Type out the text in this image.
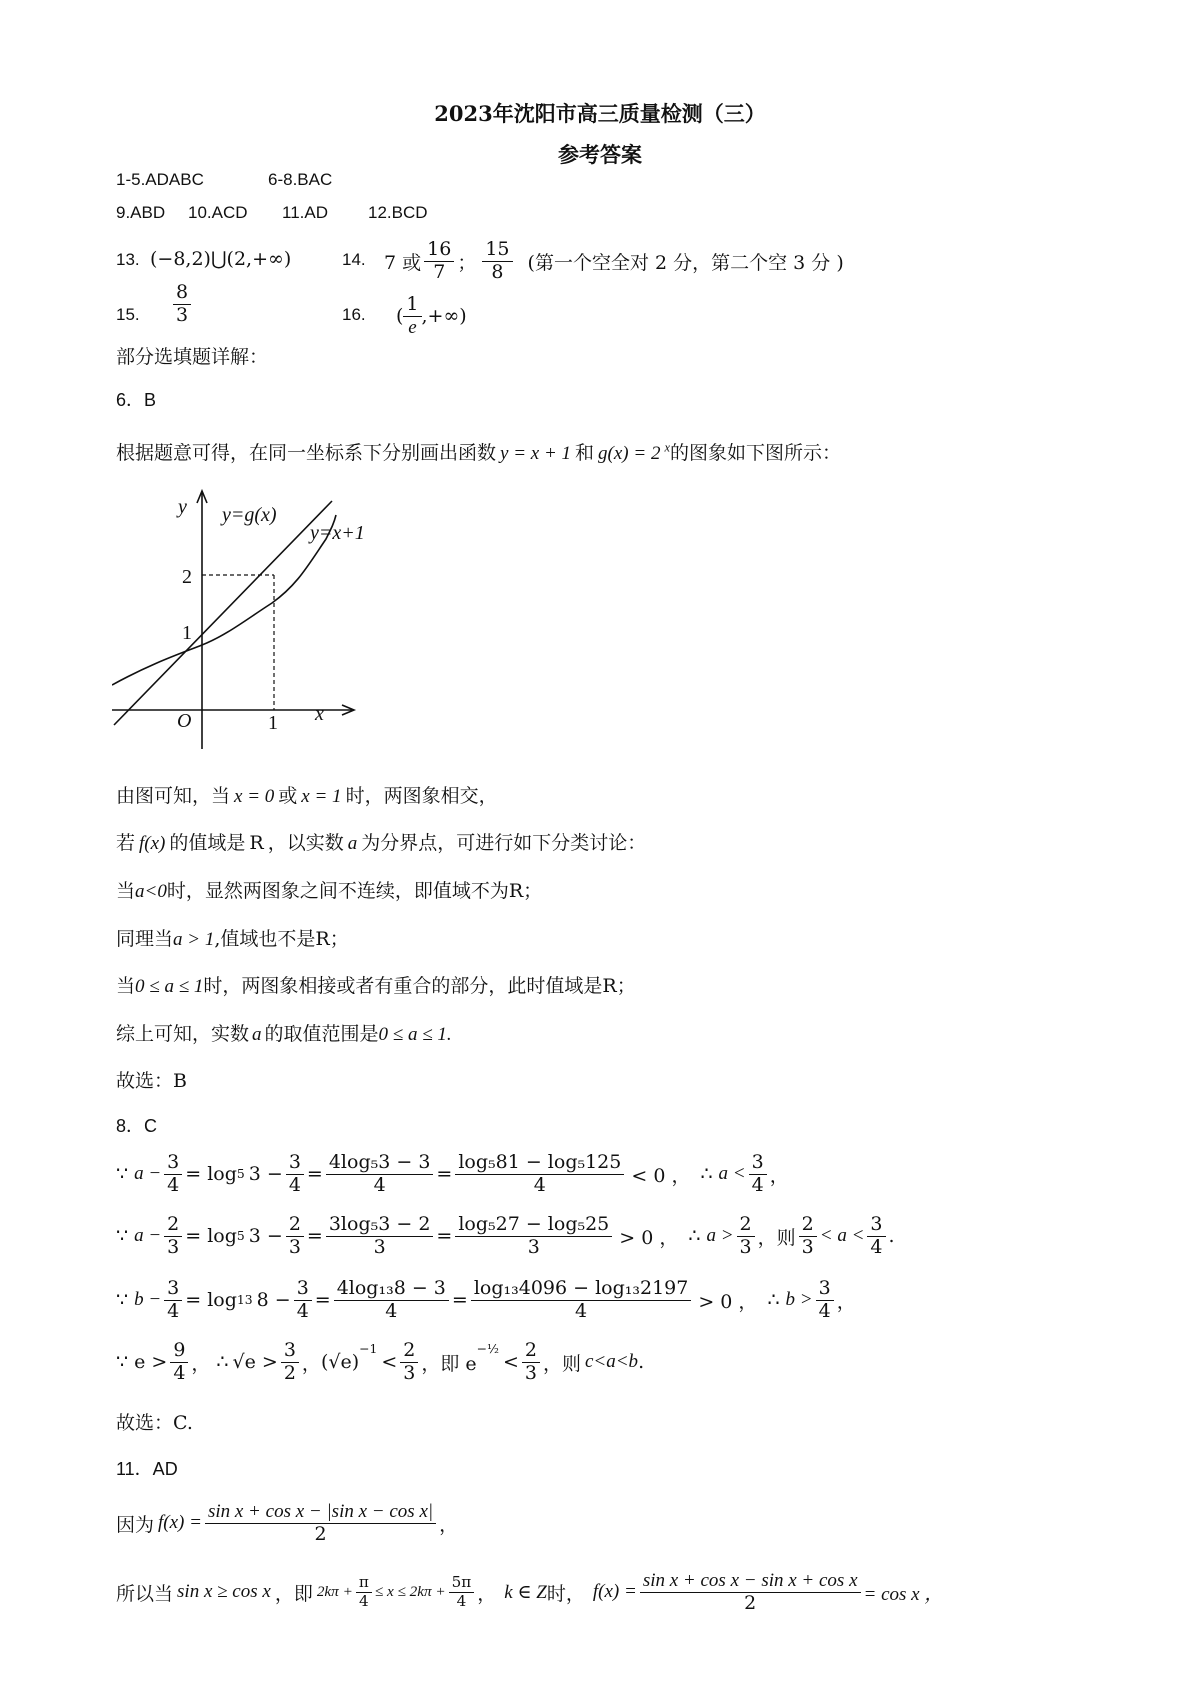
2023年沈阳市高三质量检测（三）
参考答案
1-5.ADABC	6-8.BAC
9.ABD 10.ACD 11.AD 12.BCD
13. (−8,2)⋃(2,+∞)	14. 7 或 $\frac{16}{7}$ ； $\frac{15}{8}$ (第一个空全对 2 分，第二个空 3 分 )
15. $\frac{8}{3}$	16. ( $\frac{1}{e}$ ,+∞)
部分选填题详解：
6．B
根据题意可得，在同一坐标系下分别画出函数 y = x + 1 和 g(x) = 2 $^x$的图象如下图所示：
y
x
O
1
2
1
y=g(x)
y=x+1
由图可知，当 x = 0 或 x = 1 时，两图象相交，
若 f(x) 的值域是 R ，以实数 a 为分界点，可进行如下分类讨论：
当a<0时，显然两图象之间不连续，即值域不为R；
同理当a > 1,值域也不是R；
当0 ≤ a ≤ 1时，两图象相接或者有重合的部分，此时值域是R；
综上可知，实数 a 的取值范围是0 ≤ a ≤ 1.
故选：B
8．C
∵ $a - \frac{3}{4} = \log 5$ $3 - \frac{3}{4} = \frac{\text{4log₅3 − 3}}{4} = \frac{\text{log₅81 − log₅125}}{4} < 0$ ， ∴ $a < \frac{3}{4}$ ，
∵ $a - \frac{2}{3} = \log 5$ $3 - \frac{2}{3} = \frac{\text{3log₅3 − 2}}{3} = \frac{\text{log₅27 − log₅25}}{3} > 0$ ， ∴ $a > \frac{2}{3}$ ，则 $\frac{2}{3} < a < \frac{3}{4}$ .
∵ $b - \frac{3}{4} = \log 13$ $8 - \frac{3}{4} = \frac{\text{4log₁₃8 − 3}}{4} = \frac{\text{log₁₃4096 − log₁₃2197}}{4} > 0$ ， ∴ $b > \frac{3}{4}$ ，
∵ $e > \frac{9}{4}$ ， ∴ $√e > \frac{3}{2}$ ， (√e)
$^{-1}$
< $\frac{2}{3}$ ，即 e
$^{-\frac{1}{2}}$
< $\frac{2}{3}$ ，则 c<a<b .
故选：C.
11．AD
因为 $f(x) = \frac{\text{sin x + cos x − |sin x − cos x|}}{2}$ ，
所以当 sin x ≥ cos x ，即 $2k\pi + \frac{\pi}{4} \le x \le 2k\pi + \frac{5\pi}{4}$ ， k ∈ Z 时， $f(x) = \frac{\text{sin x + cos x − sin x + cos x}}{2} = \cos x$ ，
